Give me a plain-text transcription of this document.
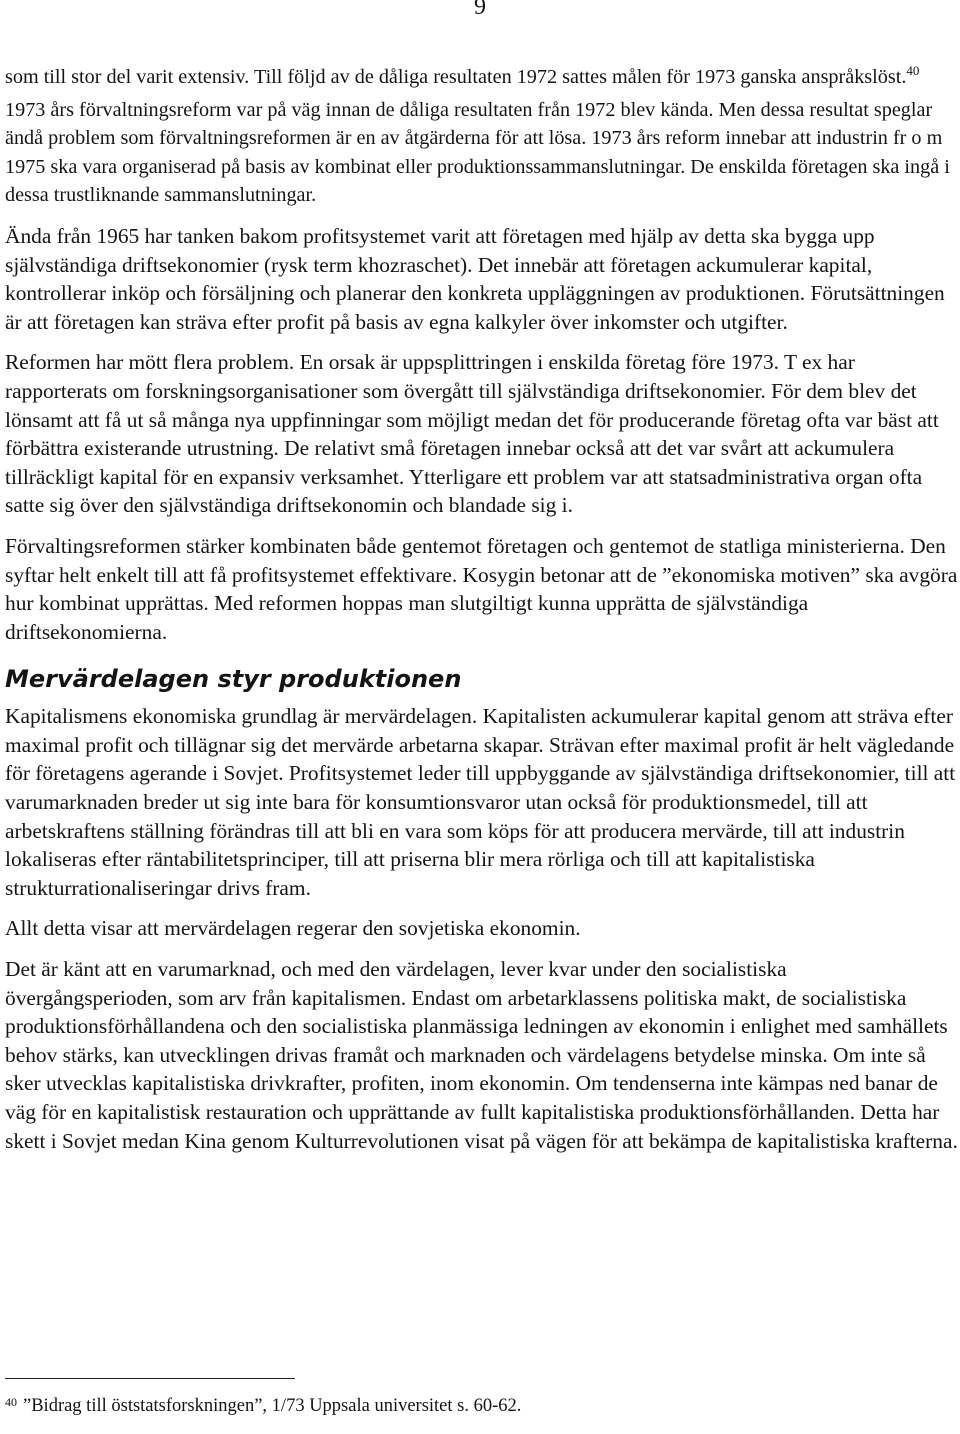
9

som till stor del varit extensiv. Till följd av de dåliga resultaten 1972 sattes målen för 1973 ganska anspråkslöst.$^{40}$

1973 års förvaltningsreform var på väg innan de dåliga resultaten från 1972 blev kända. Men dessa resultat speglar ändå problem som förvaltningsreformen är en av åtgärderna för att lösa. 1973 års reform innebar att industrin fr o m 1975 ska vara organiserad på basis av kombinat eller produktionssammanslutningar. De enskilda företagen ska ingå i dessa trustliknande sammanslutningar.

Ända från 1965 har tanken bakom profitsystemet varit att företagen med hjälp av detta ska bygga upp självständiga driftsekonomier (rysk term khozraschet). Det innebär att företagen ackumulerar kapital, kontrollerar inköp och försäljning och planerar den konkreta uppläggningen av produktionen. Förutsättningen är att företagen kan sträva efter profit på basis av egna kalkyler över inkomster och utgifter.

Reformen har mött flera problem. En orsak är uppsplittringen i enskilda företag före 1973. T ex har rapporterats om forskningsorganisationer som övergått till självständiga driftsekonomier. För dem blev det lönsamt att få ut så många nya uppfinningar som möjligt medan det för producerande företag ofta var bäst att förbättra existerande utrustning. De relativt små företagen innebar också att det var svårt att ackumulera tillräckligt kapital för en expansiv verksamhet. Ytterligare ett problem var att statsadministrativa organ ofta satte sig över den självständiga driftsekonomin och blandade sig i.

Förvaltingsreformen stärker kombinaten både gentemot företagen och gentemot de statliga ministerierna. Den syftar helt enkelt till att få profitsystemet effektivare. Kosygin betonar att de ”ekonomiska motiven” ska avgöra hur kombinat upprättas. Med reformen hoppas man slutgiltigt kunna upprätta de självständiga driftsekonomierna.

Mervärdelagen styr produktionen

Kapitalismens ekonomiska grundlag är mervärdelagen. Kapitalisten ackumulerar kapital genom att sträva efter maximal profit och tillägnar sig det mervärde arbetarna skapar. Strävan efter maximal profit är helt vägledande för företagens agerande i Sovjet. Profitsystemet leder till uppbyggande av självständiga driftsekonomier, till att varumarknaden breder ut sig inte bara för konsumtionsvaror utan också för produktionsmedel, till att arbetskraftens ställning förändras till att bli en vara som köps för att producera mervärde, till att industrin lokaliseras efter räntabilitetsprinciper, till att priserna blir mera rörliga och till att kapitalistiska strukturrationaliseringar drivs fram.

Allt detta visar att mervärdelagen regerar den sovjetiska ekonomin.

Det är känt att en varumarknad, och med den värdelagen, lever kvar under den socialistiska övergångsperioden, som arv från kapitalismen. Endast om arbetarklassens politiska makt, de socialistiska produktionsförhållandena och den socialistiska planmässiga ledningen av ekonomin i enlighet med samhällets behov stärks, kan utvecklingen drivas framåt och marknaden och värdelagens betydelse minska. Om inte så sker utvecklas kapitalistiska drivkrafter, profiten, inom ekonomin. Om tendenserna inte kämpas ned banar de väg för en kapitalistisk restauration och upprättande av fullt kapitalistiska produktionsförhållanden. Detta har skett i Sovjet medan Kina genom Kulturrevolutionen visat på vägen för att bekämpa de kapitalistiska krafterna.

$^{40}$ ”Bidrag till öststatsforskningen”, 1/73 Uppsala universitet s. 60-62.
